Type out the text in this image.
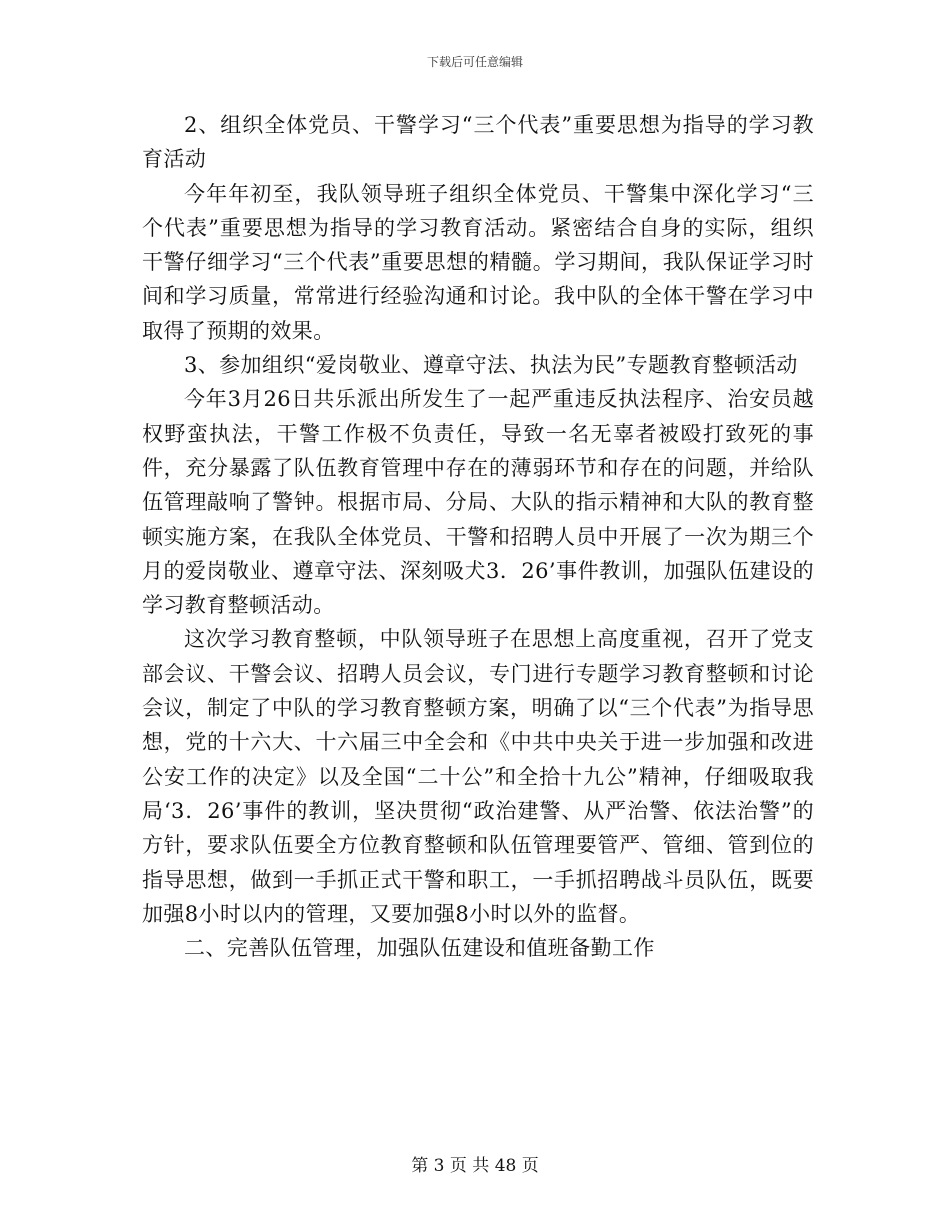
下载后可任意编辑

2、组织全体党员、干警学习“三个代表”重要思想为指导的学习教育活动

今年年初至，我队领导班子组织全体党员、干警集中深化学习“三个代表”重要思想为指导的学习教育活动。紧密结合自身的实际，组织干警仔细学习“三个代表”重要思想的精髓。学习期间，我队保证学习时间和学习质量，常常进行经验沟通和讨论。我中队的全体干警在学习中取得了预期的效果。

3、参加组织“爱岗敬业、遵章守法、执法为民”专题教育整顿活动

今年3月26日共乐派出所发生了一起严重违反执法程序、治安员越权野蛮执法，干警工作极不负责任，导致一名无辜者被殴打致死的事件，充分暴露了队伍教育管理中存在的薄弱环节和存在的问题，并给队伍管理敲响了警钟。根据市局、分局、大队的指示精神和大队的教育整顿实施方案，在我队全体党员、干警和招聘人员中开展了一次为期三个月的爱岗敬业、遵章守法、深刻吸犬3．26’事件教训，加强队伍建设的学习教育整顿活动。

这次学习教育整顿，中队领导班子在思想上高度重视，召开了党支部会议、干警会议、招聘人员会议，专门进行专题学习教育整顿和讨论会议，制定了中队的学习教育整顿方案，明确了以“三个代表”为指导思想，党的十六大、十六届三中全会和《中共中央关于进一步加强和改进公安工作的决定》以及全国“二十公”和全拾十九公”精神，仔细吸取我局‘3．26’事件的教训，坚决贯彻“政治建警、从严治警、依法治警”的方针，要求队伍要全方位教育整顿和队伍管理要管严、管细、管到位的指导思想，做到一手抓正式干警和职工，一手抓招聘战斗员队伍，既要加强8小时以内的管理，又要加强8小时以外的监督。

二、完善队伍管理，加强队伍建设和值班备勤工作

第 3 页 共 48 页
